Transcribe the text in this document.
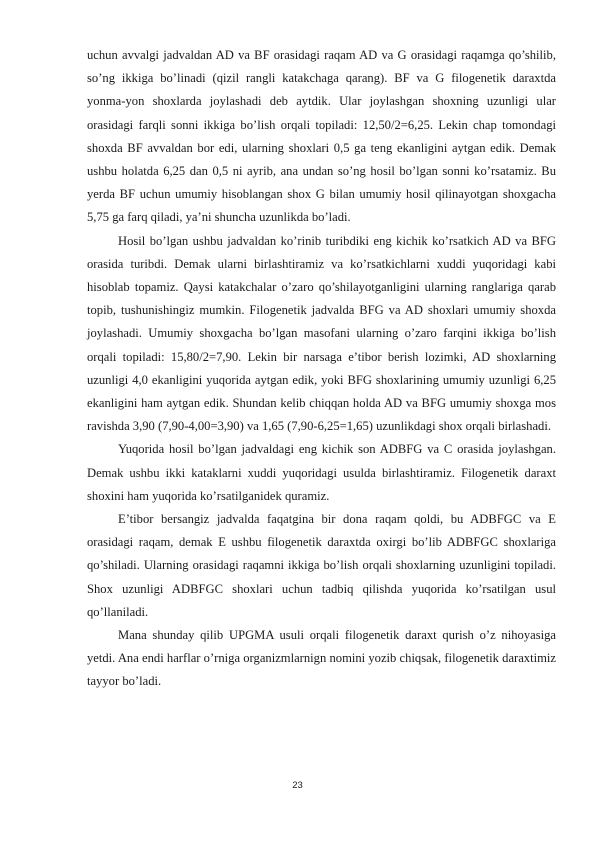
uchun avvalgi jadvaldan AD va BF orasidagi raqam AD va G orasidagi raqamga qo’shilib, so’ng ikkiga bo’linadi (qizil rangli katakchaga qarang). BF va G filogenetik daraxtda yonma-yon shoxlarda joylashadi deb aytdik. Ular joylashgan shoxning uzunligi ular orasidagi farqli sonni ikkiga bo’lish orqali topiladi: 12,50/2=6,25. Lekin chap tomondagi shoxda BF avvaldan bor edi, ularning shoxlari 0,5 ga teng ekanligini aytgan edik. Demak ushbu holatda 6,25 dan 0,5 ni ayrib, ana undan so’ng hosil bo’lgan sonni ko’rsatamiz. Bu yerda BF uchun umumiy hisoblangan shox G bilan umumiy hosil qilinayotgan shoxgacha 5,75 ga farq qiladi, ya’ni shuncha uzunlikda bo’ladi.

Hosil bo’lgan ushbu jadvaldan ko’rinib turibdiki eng kichik ko’rsatkich AD va BFG orasida turibdi. Demak ularni birlashtiramiz va ko’rsatkichlarni xuddi yuqoridagi kabi hisoblab topamiz. Qaysi katakchalar o’zaro qo’shilayotganligini ularning ranglariga qarab topib, tushunishingiz mumkin. Filogenetik jadvalda BFG va AD shoxlari umumiy shoxda joylashadi. Umumiy shoxgacha bo’lgan masofani ularning o’zaro farqini ikkiga bo’lish orqali topiladi: 15,80/2=7,90. Lekin bir narsaga e’tibor berish lozimki, AD shoxlarning uzunligi 4,0 ekanligini yuqorida aytgan edik, yoki BFG shoxlarining umumiy uzunligi 6,25 ekanligini ham aytgan edik. Shundan kelib chiqqan holda AD va BFG umumiy shoxga mos ravishda 3,90 (7,90-4,00=3,90) va 1,65 (7,90-6,25=1,65) uzunlikdagi shox orqali birlashadi.

Yuqorida hosil bo’lgan jadvaldagi eng kichik son ADBFG va C orasida joylashgan. Demak ushbu ikki kataklarni xuddi yuqoridagi usulda birlashtiramiz. Filogenetik daraxt shoxini ham yuqorida ko’rsatilganidek quramiz.

E’tibor bersangiz jadvalda faqatgina bir dona raqam qoldi, bu ADBFGC va E orasidagi raqam, demak E ushbu filogenetik daraxtda oxirgi bo’lib ADBFGC shoxlariga qo’shiladi. Ularning orasidagi raqamni ikkiga bo’lish orqali shoxlarning uzunligini topiladi. Shox uzunligi ADBFGC shoxlari uchun tadbiq qilishda yuqorida ko’rsatilgan usul qo’llaniladi.

Mana shunday qilib UPGMA usuli orqali filogenetik daraxt qurish o’z nihoyasiga yetdi. Ana endi harflar o’rniga organizmlarnign nomini yozib chiqsak, filogenetik daraxtimiz tayyor bo’ladi.

23
